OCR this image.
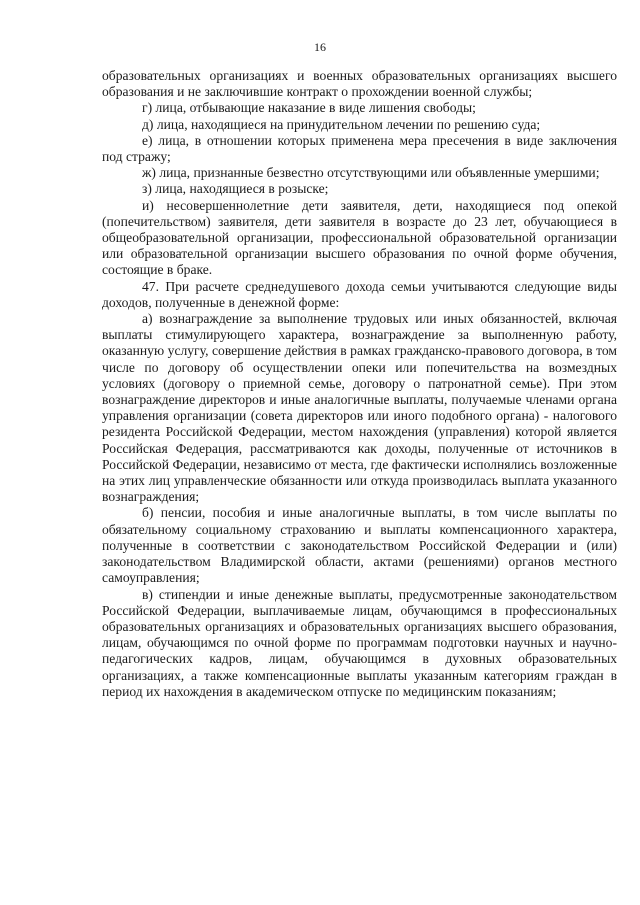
16

образовательных организациях и военных образовательных организациях высшего образования и не заключившие контракт о прохождении военной службы;

г) лица, отбывающие наказание в виде лишения свободы;

д) лица, находящиеся на принудительном лечении по решению суда;

е) лица, в отношении которых применена мера пресечения в виде заключения под стражу;

ж) лица, признанные безвестно отсутствующими или объявленные умершими;

з) лица, находящиеся в розыске;

и) несовершеннолетние дети заявителя, дети, находящиеся под опекой (попечительством) заявителя, дети заявителя в возрасте до 23 лет, обучающиеся в общеобразовательной организации, профессиональной образовательной организации или образовательной организации высшего образования по очной форме обучения, состоящие в браке.

47. При расчете среднедушевого дохода семьи учитываются следующие виды доходов, полученные в денежной форме:

а) вознаграждение за выполнение трудовых или иных обязанностей, включая выплаты стимулирующего характера, вознаграждение за выполненную работу, оказанную услугу, совершение действия в рамках гражданско-правового договора, в том числе по договору об осуществлении опеки или попечительства на возмездных условиях (договору о приемной семье, договору о патронатной семье). При этом вознаграждение директоров и иные аналогичные выплаты, получаемые членами органа управления организации (совета директоров или иного подобного органа) - налогового резидента Российской Федерации, местом нахождения (управления) которой является Российская Федерация, рассматриваются как доходы, полученные от источников в Российской Федерации, независимо от места, где фактически исполнялись возложенные на этих лиц управленческие обязанности или откуда производилась выплата указанного вознаграждения;

б) пенсии, пособия и иные аналогичные выплаты, в том числе выплаты по обязательному социальному страхованию и выплаты компенсационного характера, полученные в соответствии с законодательством Российской Федерации и (или) законодательством Владимирской области, актами (решениями) органов местного самоуправления;

в) стипендии и иные денежные выплаты, предусмотренные законодательством Российской Федерации, выплачиваемые лицам, обучающимся в профессиональных образовательных организациях и образовательных организациях высшего образования, лицам, обучающимся по очной форме по программам подготовки научных и научно-педагогических кадров, лицам, обучающимся в духовных образовательных организациях, а также компенсационные выплаты указанным категориям граждан в период их нахождения в академическом отпуске по медицинским показаниям;
